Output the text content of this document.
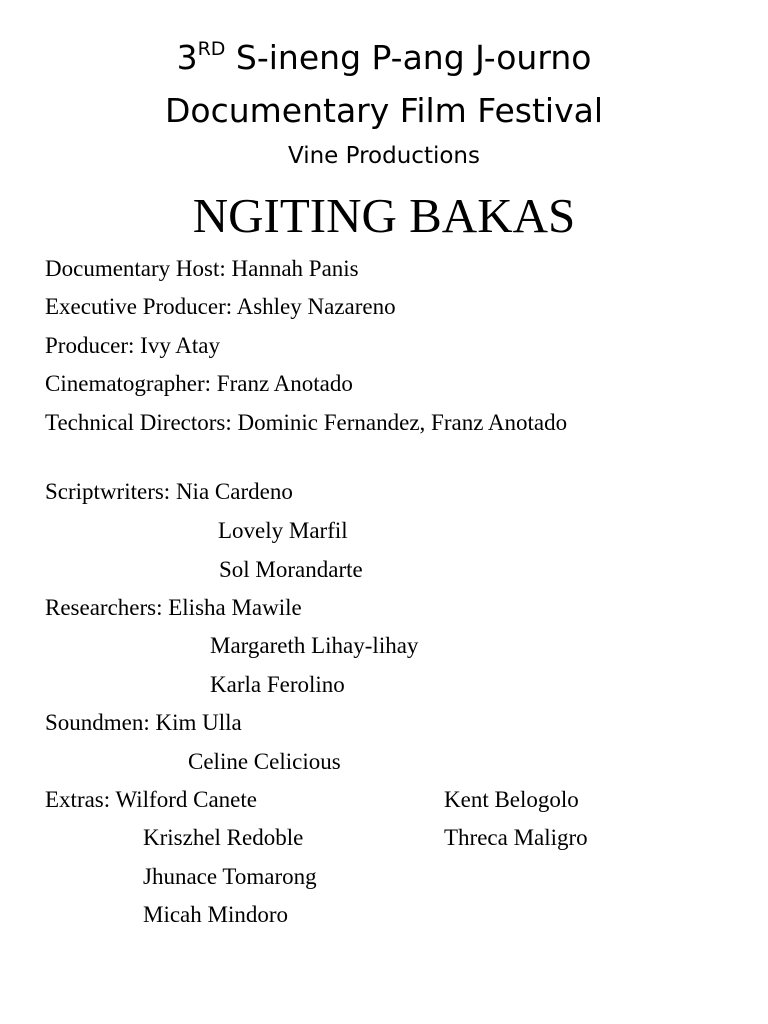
3RD S-ineng P-ang J-ourno
Documentary Film Festival
Vine Productions
NGITING BAKAS
Documentary Host: Hannah Panis
Executive Producer: Ashley Nazareno
Producer: Ivy Atay
Cinematographer: Franz Anotado
Technical Directors: Dominic Fernandez, Franz Anotado
Scriptwriters: Nia Cardeno
Lovely Marfil
Sol Morandarte
Researchers: Elisha Mawile
Margareth Lihay-lihay
Karla Ferolino
Soundmen: Kim Ulla
Celine Celicious
Extras: Wilford Canete
Kriszhel Redoble
Jhunace Tomarong
Micah Mindoro
Kent Belogolo
Threca Maligro
